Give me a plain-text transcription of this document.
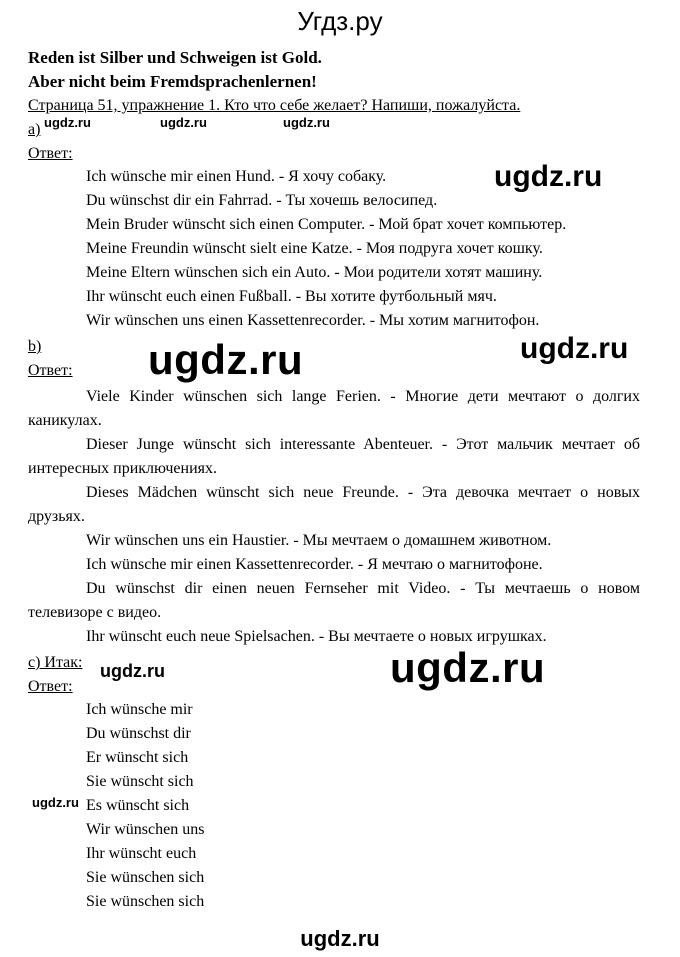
Угдз.ру
Reden ist Silber und Schweigen ist Gold.
Aber nicht beim Fremdsprachenlernen!
Страница 51, упражнение 1. Кто что себе желает? Напиши, пожалуйста.
ugdz.ru	ugdz.ru	ugdz.ru
a)
Ответ:
Ich wünsche mir einen Hund. - Я хочу собаку.
Du wünschst dir ein Fahrrad. - Ты хочешь велосипед.
Mein Bruder wünscht sich einen Computer. - Мой брат хочет компьютер.
Meine Freundin wünscht sielt eine Katze. - Моя подруга хочет кошку.
Meine Eltern wünschen sich ein Auto. - Мои родители хотят машину.
Ihr wünscht euch einen Fußball. - Вы хотите футбольный мяч.
Wir wünschen uns einen Kassettenrecorder. - Мы хотим магнитофон.
ugdz.ru
b)
Ответ: ugdz.ru	ugdz.ru
Viele Kinder wünschen sich lange Ferien. - Многие дети мечтают о долгих каникулах.
Dieser Junge wünscht sich interessante Abenteuer. - Этот мальчик мечтает об интересных приключениях.
Dieses Mädchen wünscht sich neue Freunde. - Эта девочка мечтает о новых друзьях.
Wir wünschen uns ein Haustier. - Мы мечтаем о домашнем животном.
Ich wünsche mir einen Kassettenrecorder. - Я мечтаю о магнитофоне.
Du wünschst dir einen neuen Fernseher mit Video. - Ты мечтаешь о новом телевизоре с видео.
Ihr wünscht euch neue Spielsachen. - Вы мечтаете о новых игрушках.
c) Итак:
Ответ:
ugdz.ru	ugdz.ru
Ich wünsche mir
Du wünschst dir
Er wünscht sich
Sie wünscht sich
Es wünscht sich
Wir wünschen uns
Ihr wünscht euch
Sie wünschen sich
Sie wünschen sich
ugdz.ru
ugdz.ru
